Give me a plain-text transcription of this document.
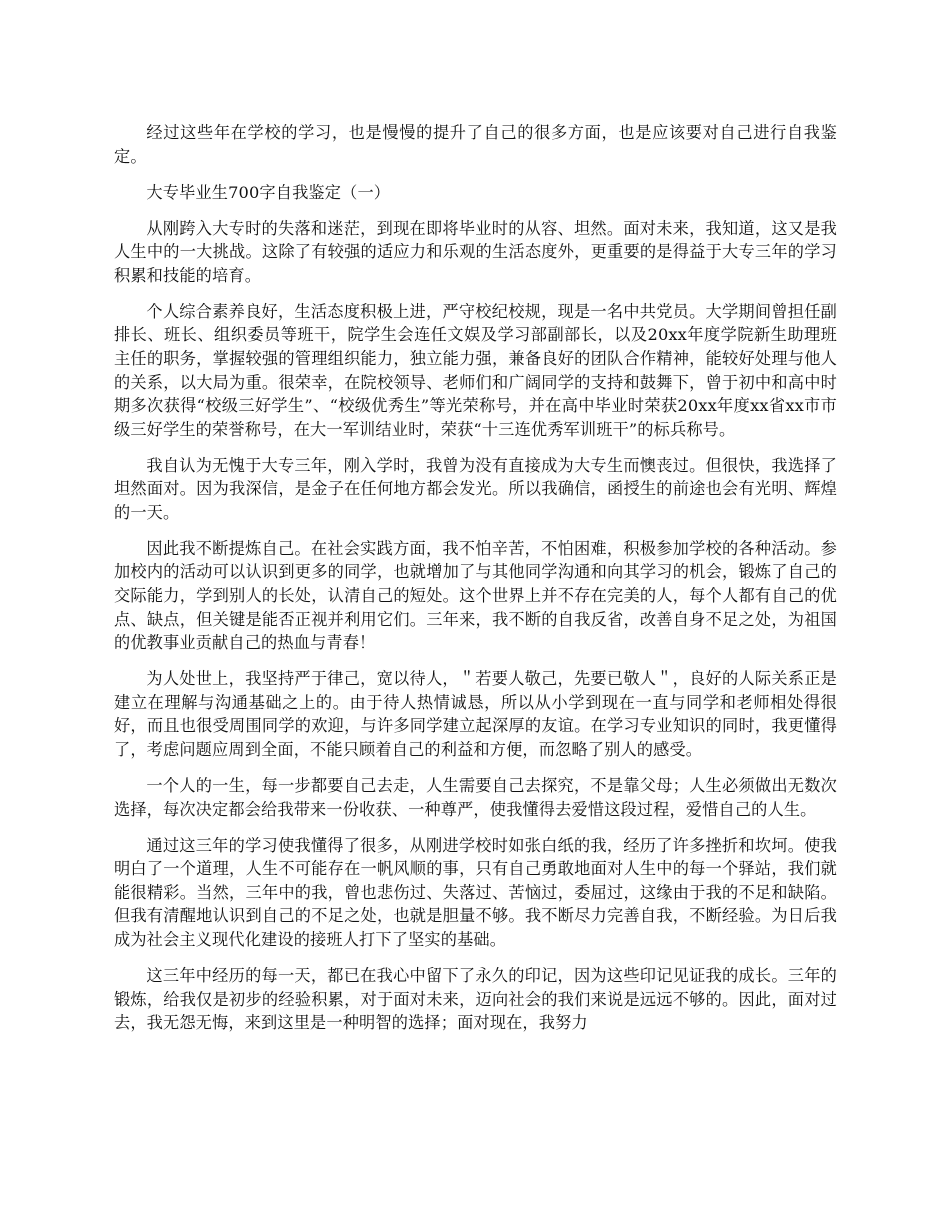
经过这些年在学校的学习，也是慢慢的提升了自己的很多方面，也是应该要对自己进行自我鉴定。

大专毕业生700字自我鉴定（一）

从刚跨入大专时的失落和迷茫，到现在即将毕业时的从容、坦然。面对未来，我知道，这又是我人生中的一大挑战。这除了有较强的适应力和乐观的生活态度外，更重要的是得益于大专三年的学习积累和技能的培育。

个人综合素养良好，生活态度积极上进，严守校纪校规，现是一名中共党员。大学期间曾担任副排长、班长、组织委员等班干，院学生会连任文娱及学习部副部长，以及20xx年度学院新生助理班主任的职务，掌握较强的管理组织能力，独立能力强，兼备良好的团队合作精神，能较好处理与他人的关系，以大局为重。很荣幸，在院校领导、老师们和广阔同学的支持和鼓舞下，曾于初中和高中时期多次获得“校级三好学生”、“校级优秀生”等光荣称号，并在高中毕业时荣获20xx年度xx省xx市市级三好学生的荣誉称号，在大一军训结业时，荣获“十三连优秀军训班干”的标兵称号。

我自认为无愧于大专三年，刚入学时，我曾为没有直接成为大专生而懊丧过。但很快，我选择了坦然面对。因为我深信，是金子在任何地方都会发光。所以我确信，函授生的前途也会有光明、辉煌的一天。

因此我不断提炼自己。在社会实践方面，我不怕辛苦，不怕困难，积极参加学校的各种活动。参加校内的活动可以认识到更多的同学，也就增加了与其他同学沟通和向其学习的机会，锻炼了自己的交际能力，学到别人的长处，认清自己的短处。这个世界上并不存在完美的人，每个人都有自己的优点、缺点，但关键是能否正视并利用它们。三年来，我不断的自我反省，改善自身不足之处，为祖国的优教事业贡献自己的热血与青春！

为人处世上，我坚持严于律己，宽以待人，＂若要人敬己，先要已敬人＂，良好的人际关系正是建立在理解与沟通基础之上的。由于待人热情诚恳，所以从小学到现在一直与同学和老师相处得很好，而且也很受周围同学的欢迎，与许多同学建立起深厚的友谊。在学习专业知识的同时，我更懂得了，考虑问题应周到全面，不能只顾着自己的利益和方便，而忽略了别人的感受。

一个人的一生，每一步都要自己去走，人生需要自己去探究，不是靠父母；人生必须做出无数次选择，每次决定都会给我带来一份收获、一种尊严，使我懂得去爱惜这段过程，爱惜自己的人生。

通过这三年的学习使我懂得了很多，从刚进学校时如张白纸的我，经历了许多挫折和坎坷。使我明白了一个道理，人生不可能存在一帆风顺的事，只有自己勇敢地面对人生中的每一个驿站，我们就能很精彩。当然，三年中的我，曾也悲伤过、失落过、苦恼过，委屈过，这缘由于我的不足和缺陷。但我有清醒地认识到自己的不足之处，也就是胆量不够。我不断尽力完善自我，不断经验。为日后我成为社会主义现代化建设的接班人打下了坚实的基础。

这三年中经历的每一天，都已在我心中留下了永久的印记，因为这些印记见证我的成长。三年的锻炼，给我仅是初步的经验积累，对于面对未来，迈向社会的我们来说是远远不够的。因此，面对过去，我无怨无悔，来到这里是一种明智的选择；面对现在，我努力
